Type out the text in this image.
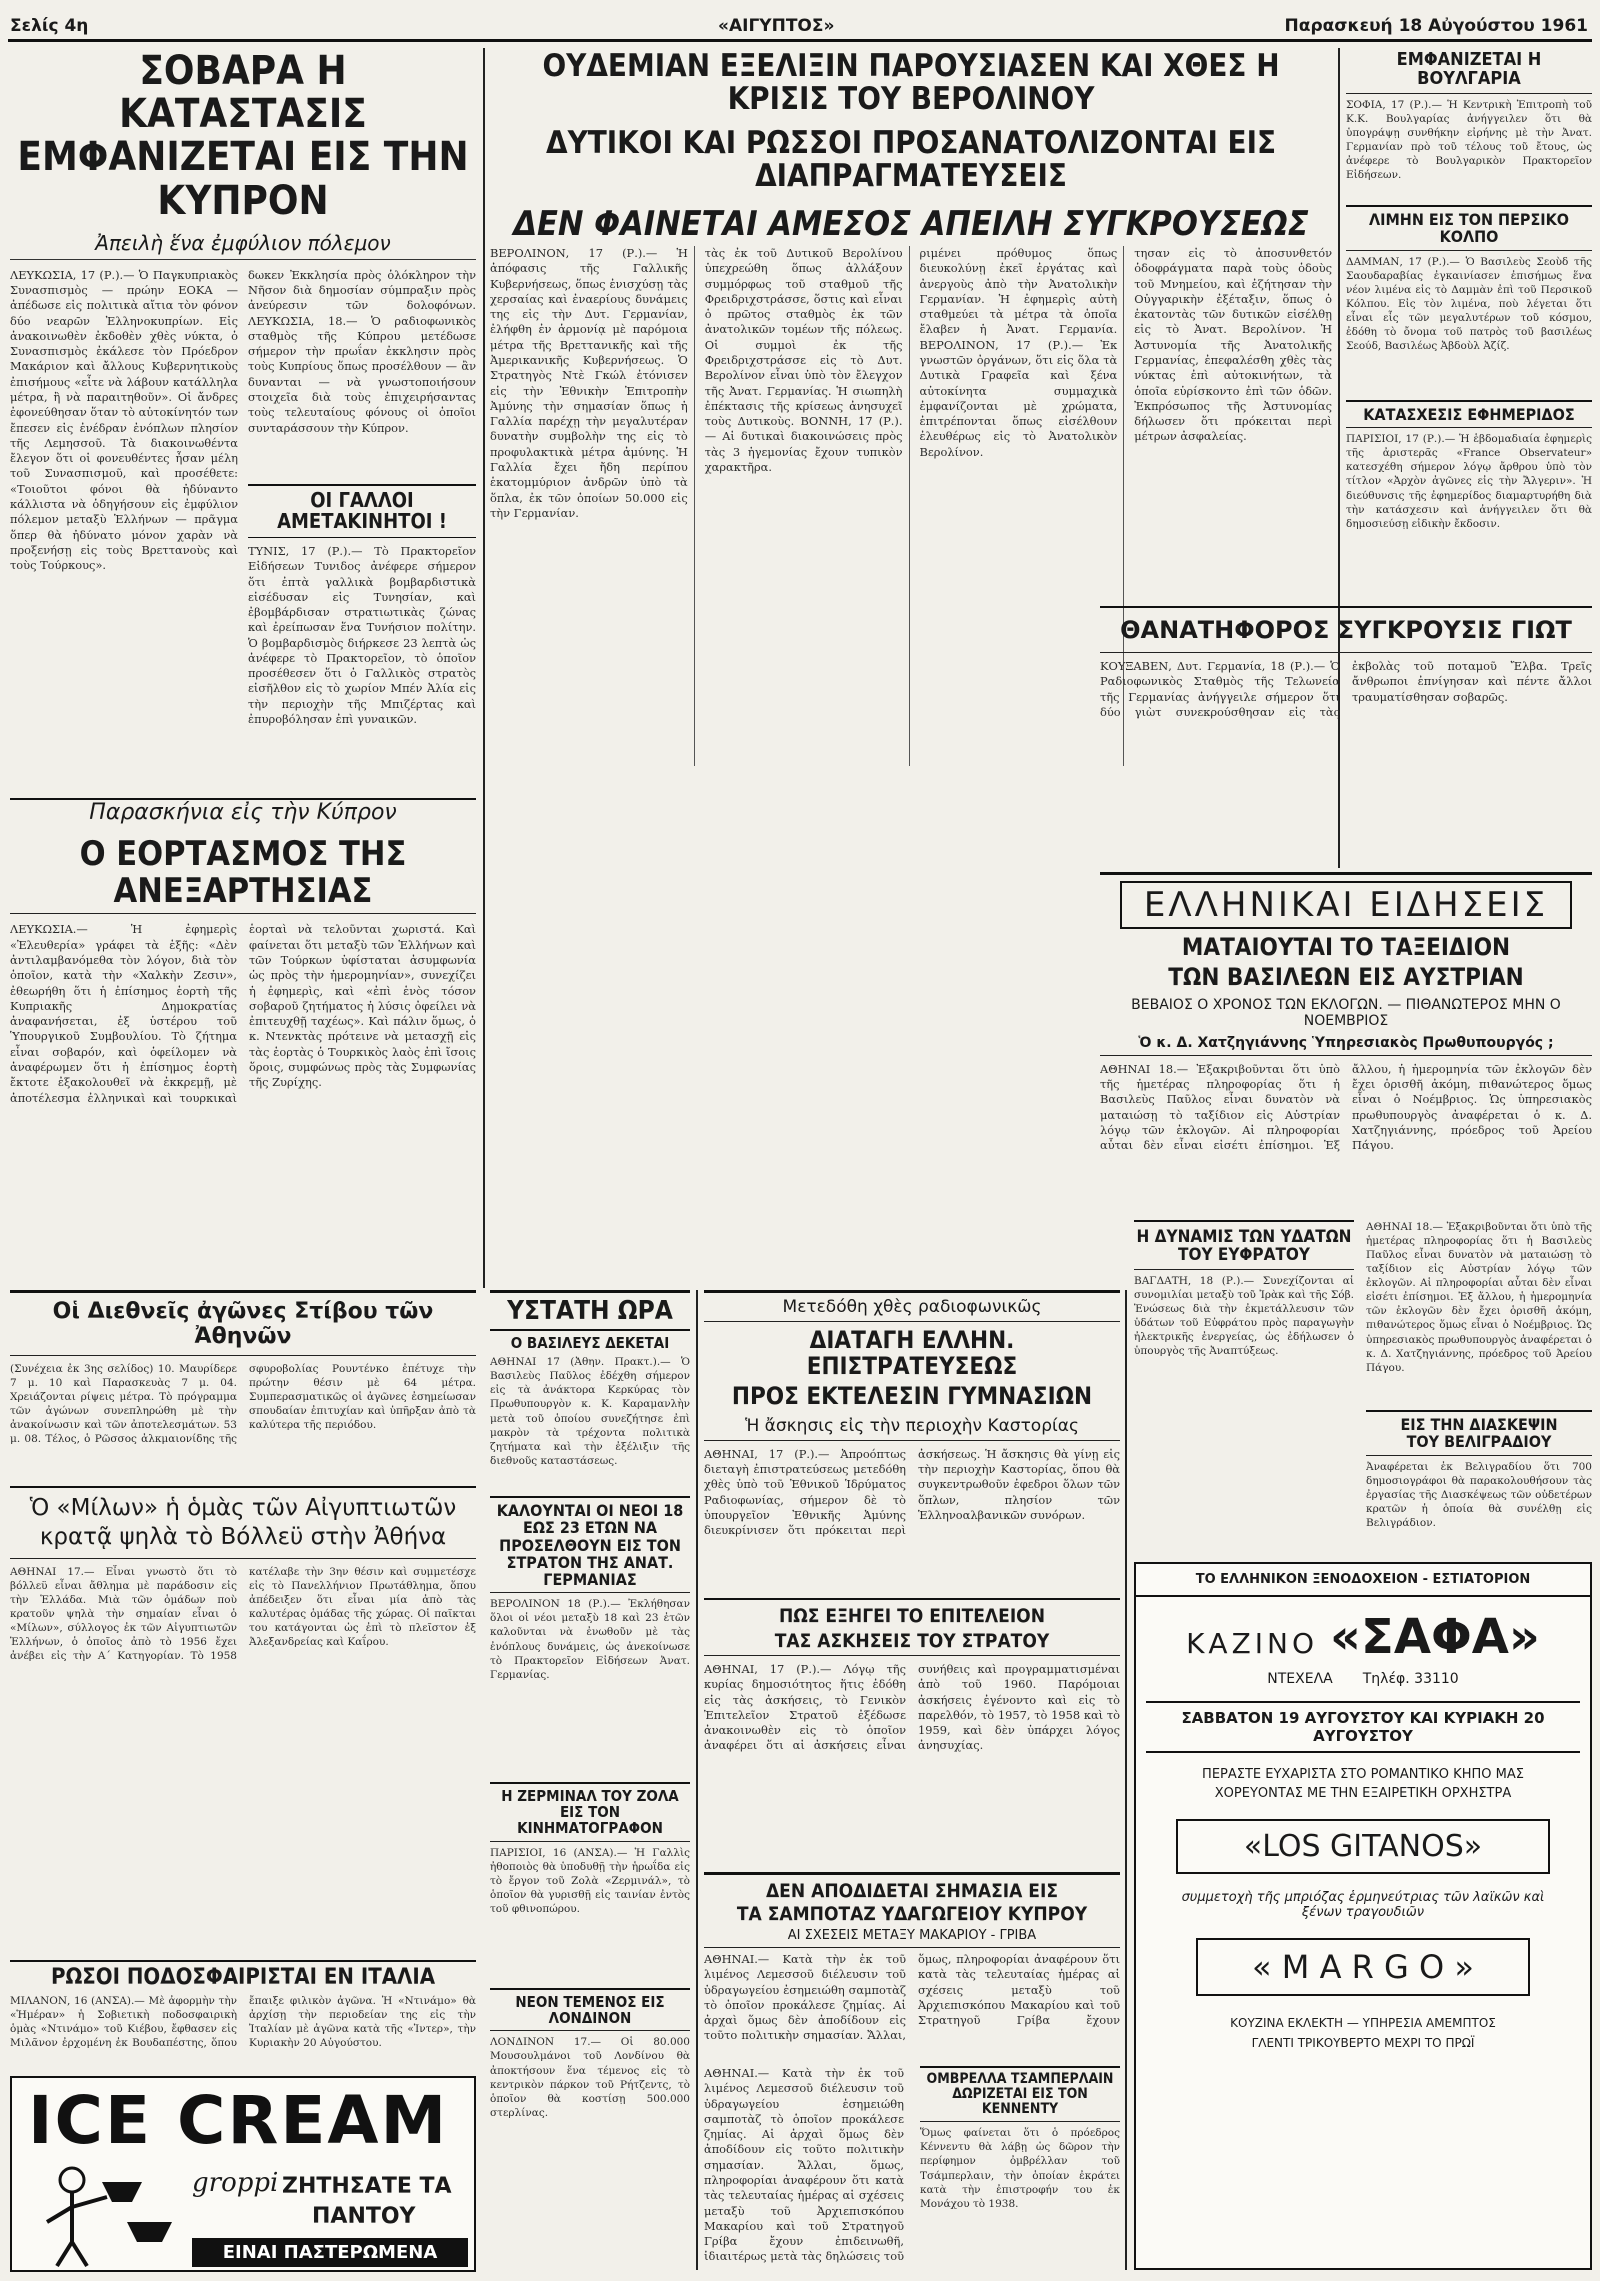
Σελίς 4η	«ΑΙΓΥΠΤΟΣ»	Παρασκευή 18 Αὐγούστου 1961
ΣΟΒΑΡΑ Η ΚΑΤΑΣΤΑΣΙΣ ΕΜΦΑΝΙΖΕΤΑΙ ΕΙΣ ΤΗΝ ΚΥΠΡΟΝ
Ἀπειλὴ ἕνα ἐμφύλιον πόλεμον
ΛΕΥΚΩΣΙΑ, 17 (Ρ.).— Ὁ Παγκυπριακὸς Συνασπισμὸς — πρώην ΕΟΚΑ — ἀπέδωσε εἰς πολιτικὰ αἴτια τὸν φόνον δύο νεαρῶν Ἑλληνοκυπρίων. Εἰς ἀνακοινωθὲν ἐκδοθὲν χθὲς νύκτα, ὁ Συνασπισμὸς ἐκάλεσε τὸν Πρόεδρον Μακάριον καὶ ἄλλους Κυβερνητικοὺς ἐπισήμους «εἶτε νὰ λάβουν κατάλληλα μέτρα, ἢ νὰ παραιτηθοῦν». Οἱ ἄνδρες ἐφονεύθησαν ὅταν τὸ αὐτοκίνητόν των ἔπεσεν εἰς ἐνέδραν ἐνόπλων πλησίον τῆς Λεμησσοῦ. Τὰ διακοινωθέντα ἔλεγον ὅτι οἱ φονευθέντες ἦσαν μέλη τοῦ Συνασπισμοῦ, καὶ προσέθετε: «Τοιοῦτοι φόνοι θὰ ἠδύναντο κάλλιστα νὰ ὁδηγήσουν εἰς ἐμφύλιον πόλεμον μεταξὺ Ἑλλήνων — πρᾶγμα ὅπερ θὰ ἠδύνατο μόνον χαρὰν νὰ προξενήσῃ εἰς τοὺς Βρεττανοὺς καὶ τοὺς Τούρκους».
δωκεν Ἐκκλησία πρὸς ὁλόκληρον τὴν Νῆσον διὰ δημοσίαν σύμπραξιν πρὸς ἀνεύρεσιν τῶν δολοφόνων. ΛΕΥΚΩΣΙΑ, 18.— Ὁ ραδιοφωνικὸς σταθμὸς τῆς Κύπρου μετέδωσε σήμερον τὴν πρωΐαν ἐκκλησιν πρὸς τοὺς Κυπρίους ὅπως προσέλθουν — ἂν δυνανται — νὰ γνωστοποιήσουν στοιχεῖα διὰ τοὺς ἐπιχειρήσαντας τοὺς τελευταίους φόνους οἱ ὁποῖοι συνταράσσουν τὴν Κύπρον.
ΟΙ ΓΑΛΛΟΙ ΑΜΕΤΑΚΙΝΗΤΟΙ !
ΤΥΝΙΣ, 17 (Ρ.).— Τὸ Πρακτορεῖον Εἰδήσεων Τυνιδος ἀνέφερε σήμερον ὅτι ἐπτὰ γαλλικὰ βομβαρδιστικὰ εἰσέδυσαν εἰς Τυνησίαν, καὶ ἐβομβάρδισαν στρατιωτικὰς ζώνας καὶ ἐρείπωσαν ἕνα Τυνήσιον πολίτην. Ὁ βομβαρδισμὸς διήρκεσε 23 λεπτὰ ὡς ἀνέφερε τὸ Πρακτορεῖον, τὸ ὁποῖον προσέθεσεν ὅτι ὁ Γαλλικὸς στρατὸς εἰσῆλθον εἰς τὸ χωρίον Μπέν Ἀλία εἰς τὴν περιοχὴν τῆς Μπιζέρτας καὶ ἐπυροβόλησαν ἐπὶ γυναικῶν.
Παρασκήνια εἰς τὴν Κύπρον
Ο ΕΟΡΤΑΣΜΟΣ ΤΗΣ ΑΝΕΞΑΡΤΗΣΙΑΣ
ΛΕΥΚΩΣΙΑ.— Ἡ ἐφημερὶς «Ἐλευθερία» γράφει τὰ ἑξῆς: «Δὲν ἀντιλαμβανόμεθα τὸν λόγον, διὰ τὸν ὁποῖον, κατὰ τὴν «Χαλκὴν Ζεσιν», ἐθεωρήθη ὅτι ἡ ἐπίσημος ἑορτὴ τῆς Κυπριακῆς Δημοκρατίας ἀναφανήσεται, ἐξ ὑστέρου τοῦ Ὑπουργικοῦ Συμβουλίου. Τὸ ζήτημα εἶναι σοβαρόν, καὶ ὁφείλομεν νὰ ἀναφέρωμεν ὅτι ἡ ἐπίσημος ἑορτὴ ἔκτοτε ἐξακολουθεῖ νὰ ἐκκρεμῇ, μὲ ἀποτέλεσμα ἐλληνικαὶ καὶ τουρκικαὶ ἑορταὶ νὰ τελοῦνται χωριστά. Καὶ φαίνεται ὅτι μεταξὺ τῶν Ἑλλήνων καὶ τῶν Τούρκων ὑφίσταται ἀσυμφωνία ὡς πρὸς τὴν ἡμερομηνίαν», συνεχίζει ἡ ἐφημερὶς, καὶ «ἐπὶ ἑνὸς τόσον σοβαροῦ ζητήματος ἡ λύσις ὀφείλει νὰ ἐπιτευχθῇ ταχέως». Καὶ πάλιν ὅμως, ὁ κ. Ντενκτὰς πρότεινε νὰ μετασχῇ εἰς τὰς ἑορτὰς ὁ Τουρκικὸς λαὸς ἐπὶ ἴσοις ὅροις, συμφώνως πρὸς τὰς Συμφωνίας τῆς Ζυρίχης.
Οἱ Διεθνεῖς ἀγῶνες Στίβου τῶν Ἀθηνῶν
(Συνέχεια ἐκ 3ης σελίδος) 10. Μαυρίδερε 7 μ. 10 καὶ Παρασκευὰς 7 μ. 04. Χρειάζονται ρίψεις μέτρα. Τὸ πρόγραμμα τῶν ἀγώνων συνεπληρώθη μὲ τὴν ἀνακοίνωσιν καὶ τῶν ἀποτελεσμάτων. 53 μ. 08. Τέλος, ὁ Ρῶσσος ἀλκμαιονίδης τῆς σφυροβολίας Ρουντένκο ἐπέτυχε τὴν πρώτην θέσιν μὲ 64 μέτρα. Συμπερασματικῶς οἱ ἀγῶνες ἐσημείωσαν σπουδαίαν ἐπιτυχίαν καὶ ὑπῆρξαν ἀπὸ τὰ καλύτερα τῆς περιόδου.
Ὁ «Μίλων» ἡ ὁμὰς τῶν Αἰγυπτιωτῶν κρατᾷ ψηλὰ τὸ Βόλλεϋ στὴν Ἀθήνα
ΑΘΗΝΑΙ 17.— Εἶναι γνωστὸ ὅτι τὸ βόλλεϋ εἶναι ἄθλημα μὲ παράδοσιν εἰς τὴν Ἑλλάδα. Μιὰ τῶν ὁμάδων ποὺ κρατοῦν ψηλὰ τὴν σημαίαν εἶναι ὁ «Μίλων», σύλλογος ἐκ τῶν Αἰγυπτιωτῶν Ἑλλήνων, ὁ ὁποῖος ἀπὸ τὸ 1956 ἔχει ἀνέβει εἰς τὴν Α΄ Κατηγορίαν. Τὸ 1958 κατέλαβε τὴν 3ην θέσιν καὶ συμμετέσχε εἰς τὸ Πανελλήνιον Πρωτάθλημα, ὅπου ἀπέδειξεν ὅτι εἶναι μία ἀπὸ τὰς καλυτέρας ὁμάδας τῆς χώρας. Οἱ παῖκται του κατάγονται ὡς ἐπὶ τὸ πλεῖστον ἐξ Ἀλεξανδρείας καὶ Καΐρου.
ΡΩΣΟΙ ΠΟΔΟΣΦΑΙΡΙΣΤΑΙ ΕΝ ΙΤΑΛΙΑ
ΜΙΛΑΝΟΝ, 16 (ΑΝΣΑ).— Μὲ ἀφορμὴν τὴν «Ἡμέραν» ἡ Σοβιετικὴ ποδοσφαιρικὴ ὁμὰς «Ντινάμο» τοῦ Κιέβου, ἔφθασεν εἰς Μιλᾶνον ἐρχομένη ἐκ Βουδαπέστης, ὅπου ἔπαιξε φιλικὸν ἀγῶνα. Ἡ «Ντινάμο» θὰ ἀρχίσῃ τὴν περιοδείαν της εἰς τὴν Ἰταλίαν μὲ ἀγῶνα κατὰ τῆς «Ἰντερ», τὴν Κυριακὴν 20 Αὐγούστου.
ICE CREAM
groppi ΖΗΤΗΣΑΤΕ ΤΑ
ΠΑΝΤΟΥ
ΕΙΝΑΙ ΠΑΣΤΕΡΩΜΕΝΑ
ΟΥΔΕΜΙΑΝ ΕΞΕΛΙΞΙΝ ΠΑΡΟΥΣΙΑΣΕΝ ΚΑΙ ΧΘΕΣ Η ΚΡΙΣΙΣ ΤΟΥ ΒΕΡΟΛΙΝΟΥ
ΔΥΤΙΚΟΙ ΚΑΙ ΡΩΣΣΟΙ ΠΡΟΣΑΝΑΤΟΛΙΖΟΝΤΑΙ ΕΙΣ ΔΙΑΠΡΑΓΜΑΤΕΥΣΕΙΣ
ΔΕΝ ΦΑΙΝΕΤΑΙ ΑΜΕΣΟΣ ΑΠΕΙΛΗ ΣΥΓΚΡΟΥΣΕΩΣ
ΒΕΡΟΛΙΝΟΝ, 17 (Ρ.).— Ἡ ἀπόφασις τῆς Γαλλικῆς Κυβερνήσεως, ὅπως ἐνισχύσῃ τὰς χερσαίας καὶ ἐναερίους δυνάμεις της εἰς τὴν Δυτ. Γερμανίαν, ἐλήφθη ἐν ἁρμονίᾳ μὲ παρόμοια μέτρα τῆς Βρεττανικῆς καὶ τῆς Ἀμερικανικῆς Κυβερνήσεως. Ὁ Στρατηγὸς Ντὲ Γκώλ ἐτόνισεν εἰς τὴν Ἐθνικὴν Ἐπιτροπὴν Ἀμύνης τὴν σημασίαν ὅπως ἡ Γαλλία παρέχῃ τὴν μεγαλυτέραν δυνατὴν συμβολὴν της εἰς τὸ προφυλακτικὰ μέτρα ἀμύνης. Ἡ Γαλλία ἔχει ἤδη περίπου ἑκατομμύριον ἀνδρῶν ὑπὸ τὰ ὅπλα, ἐκ τῶν ὁποίων 50.000 εἰς τὴν Γερμανίαν.
τὰς ἐκ τοῦ Δυτικοῦ Βερολίνου ὑπεχρεώθη ὅπως ἀλλάξουν συμμόρφως τοῦ σταθμοῦ τῆς Φρειδριχστράσσε, ὅστις καὶ εἶναι ὁ πρῶτος σταθμὸς ἐκ τῶν ἀνατολικῶν τομέων τῆς πόλεως. Οἱ συμμοὶ ἐκ τῆς Φρειδριχστράσσε εἰς τὸ Δυτ. Βερολίνον εἶναι ὑπὸ τὸν ἔλεγχον τῆς Ἀνατ. Γερμανίας. Ἡ σιωπηλὴ ἐπέκτασις τῆς κρίσεως ἀνησυχεῖ τοὺς Δυτικοὺς. ΒΟΝΝΗ, 17 (Ρ.).— Αἱ δυτικαὶ διακοινώσεις πρὸς τὰς 3 ἡγεμονίας ἔχουν τυπικὸν χαρακτῆρα.
ριμένει πρόθυμος ὅπως διευκολύνῃ ἐκεῖ ἐργάτας καὶ ἀνεργοὺς ἀπὸ τὴν Ἀνατολικὴν Γερμανίαν. Ἡ ἐφημερὶς αὐτὴ σταθμεύει τὰ μέτρα τὰ ὁποῖα ἔλαβεν ἡ Ἀνατ. Γερμανία. ΒΕΡΟΛΙΝΟΝ, 17 (Ρ.).— Ἐκ γνωστῶν ὀργάνων, ὅτι εἰς ὅλα τὰ Δυτικὰ Γραφεῖα καὶ ξένα αὐτοκίνητα συμμαχικὰ ἐμφανίζονται μὲ χρώματα, ἐπιτρέπονται ὅπως εἰσέλθουν ἐλευθέρως εἰς τὸ Ἀνατολικὸν Βερολίνον.
τησαν εἰς τὸ ἀποσυνθετόν ὁδοφράγματα παρὰ τοὺς ὁδοὺς τοῦ Μνημείου, καὶ ἐζήτησαν τὴν Οὐγγαρικὴν ἐξέταξιν, ὅπως ὁ ἑκατοντὰς τῶν δυτικῶν εἰσέλθῃ εἰς τὸ Ἀνατ. Βερολίνον. Ἡ Ἀστυνομία τῆς Ἀνατολικῆς Γερμανίας, ἐπεφαλέσθη χθὲς τὰς νύκτας ἐπὶ αὐτοκινήτων, τὰ ὁποῖα εὑρίσκοντο ἐπὶ τῶν ὁδῶν. Ἐκπρόσωπος τῆς Ἀστυνομίας δήλωσεν ὅτι πρόκειται περὶ μέτρων ἀσφαλείας.
ΕΜΦΑΝΙΖΕΤΑΙ Η ΒΟΥΛΓΑΡΙΑ
ΣΟΦΙΑ, 17 (Ρ.).— Ἡ Κεντρικὴ Ἐπιτροπὴ τοῦ Κ.Κ. Βουλγαρίας ἀνήγγειλεν ὅτι θὰ ὑπογράψῃ συνθήκην εἰρήνης μὲ τὴν Ἀνατ. Γερμανίαν πρὸ τοῦ τέλους τοῦ ἔτους, ὡς ἀνέφερε τὸ Βουλγαρικὸν Πρακτορεῖον Εἰδήσεων.
ΛΙΜΗΝ ΕΙΣ ΤΟΝ ΠΕΡΣΙΚΟ ΚΟΛΠΟ
ΔΑΜΜΑΝ, 17 (Ρ.).— Ὁ Βασιλεὺς Σεοὺδ τῆς Σαουδαραβίας ἐγκαινίασεν ἐπισήμως ἕνα νέον λιμένα εἰς τὸ Δαμμὰν ἐπὶ τοῦ Περσικοῦ Κόλπου. Εἰς τὸν λιμένα, ποὺ λέγεται ὅτι εἶναι εἷς τῶν μεγαλυτέρων τοῦ κόσμου, ἐδόθη τὸ ὄνομα τοῦ πατρὸς τοῦ βασιλέως Σεούδ, Βασιλέως Ἀβδοὺλ Ἀζίζ.
ΚΑΤΑΣΧΕΣΙΣ ΕΦΗΜΕΡΙΔΟΣ
ΠΑΡΙΣΙΟΙ, 17 (Ρ.).— Ἡ ἑβδομαδιαία ἐφημερὶς τῆς ἀριστερᾶς «France Observateur» κατεσχέθη σήμερον λόγῳ ἄρθρου ὑπὸ τὸν τίτλον «Ἀρχὸν ἀγῶνες εἰς τὴν Ἄλγεριν». Ἡ διεύθυνσις τῆς ἐφημερίδος διαμαρτυρήθη διὰ τὴν κατάσχεσιν καὶ ἀνήγγειλεν ὅτι θὰ δημοσιεύσῃ εἰδικὴν ἔκδοσιν.
ΘΑΝΑΤΗΦΟΡΟΣ ΣΥΓΚΡΟΥΣΙΣ ΓΙΩΤ
ΚΟΥΞΑΒΕΝ, Δυτ. Γερμανία, 18 (Ρ.).— Ὁ Ραδιοφωνικὸς Σταθμὸς τῆς Τελωνεία τῆς Γερμανίας ἀνήγγειλε σήμερον ὅτι δύο γιὼτ συνεκρούσθησαν εἰς τὰς ἐκβολὰς τοῦ ποταμοῦ Ἔλβα. Τρεῖς ἄνθρωποι ἐπνίγησαν καὶ πέντε ἄλλοι τραυματίσθησαν σοβαρῶς.
ΕΛΛΗΝΙΚΑΙ ΕΙΔΗΣΕΙΣ
ΜΑΤΑΙΟΥΤΑΙ ΤΟ ΤΑΞΕΙΔΙΟΝ
ΤΩΝ ΒΑΣΙΛΕΩΝ ΕΙΣ ΑΥΣΤΡΙΑΝ
ΒΕΒΑΙΟΣ Ο ΧΡΟΝΟΣ ΤΩΝ ΕΚΛΟΓΩΝ. — ΠΙΘΑΝΩΤΕΡΟΣ ΜΗΝ Ο ΝΟΕΜΒΡΙΟΣ
Ὁ κ. Δ. Χατζηγιάννης Ὑπηρεσιακὸς Πρωθυπουργός ;
ΑΘΗΝΑΙ 18.— Ἐξακριβοῦνται ὅτι ὑπὸ τῆς ἡμετέρας πληροφορίας ὅτι ἡ Βασιλεὺς Παῦλος εἶναι δυνατὸν νὰ ματαιώσῃ τὸ ταξίδιον εἰς Αὐστρίαν λόγῳ τῶν ἐκλογῶν. Αἱ πληροφορίαι αὗται δὲν εἶναι εἰσέτι ἐπίσημοι. Ἐξ ἄλλου, ἡ ἡμερομηνία τῶν ἐκλογῶν δὲν ἔχει ὁρισθῆ ἀκόμη, πιθανώτερος ὅμως εἶναι ὁ Νοέμβριος. Ὡς ὑπηρεσιακὸς πρωθυπουργὸς ἀναφέρεται ὁ κ. Δ. Χατζηγιάννης, πρόεδρος τοῦ Ἀρείου Πάγου.
Η ΔΥΝΑΜΙΣ ΤΩΝ ΥΔΑΤΩΝ
ΤΟΥ ΕΥΦΡΑΤΟΥ
ΒΑΓΔΑΤΗ, 18 (Ρ.).— Συνεχίζονται αἱ συνομιλίαι μεταξὺ τοῦ Ἰρὰκ καὶ τῆς Σόβ. Ἑνώσεως διὰ τὴν ἐκμετάλλευσιν τῶν ὑδάτων τοῦ Εὐφράτου πρὸς παραγωγὴν ἠλεκτρικῆς ἐνεργείας, ὡς ἐδήλωσεν ὁ ὑπουργὸς τῆς Ἀναπτύξεως.
ΑΘΗΝΑΙ 18.— Ἐξακριβοῦνται ὅτι ὑπὸ τῆς ἡμετέρας πληροφορίας ὅτι ἡ Βασιλεὺς Παῦλος εἶναι δυνατὸν νὰ ματαιώσῃ τὸ ταξίδιον εἰς Αὐστρίαν λόγῳ τῶν ἐκλογῶν. Αἱ πληροφορίαι αὗται δὲν εἶναι εἰσέτι ἐπίσημοι. Ἐξ ἄλλου, ἡ ἡμερομηνία τῶν ἐκλογῶν δὲν ἔχει ὁρισθῆ ἀκόμη, πιθανώτερος ὅμως εἶναι ὁ Νοέμβριος. Ὡς ὑπηρεσιακὸς πρωθυπουργὸς ἀναφέρεται ὁ κ. Δ. Χατζηγιάννης, πρόεδρος τοῦ Ἀρείου Πάγου.
ΕΙΣ ΤΗΝ ΔΙΑΣΚΕΨΙΝ
ΤΟΥ ΒΕΛΙΓΡΑΔΙΟΥ
Ἀναφέρεται ἐκ Βελιγραδίου ὅτι 700 δημοσιογράφοι θὰ παρακολουθήσουν τὰς ἐργασίας τῆς Διασκέψεως τῶν οὐδετέρων κρατῶν ἡ ὁποία θὰ συνέλθῃ εἰς Βελιγράδιον.
ΥΣΤΑΤΗ ΩΡΑ
Ο ΒΑΣΙΛΕΥΣ ΔΕΚΕΤΑΙ
ΑΘΗΝΑΙ 17 (Ἀθην. Πρακτ.).— Ὁ Βασιλεὺς Παῦλος ἐδέχθη σήμερον εἰς τὰ ἀνάκτορα Κερκύρας τὸν Πρωθυπουργὸν κ. Κ. Καραμανλὴν μετὰ τοῦ ὁποίου συνεζήτησε ἐπὶ μακρὸν τὰ τρέχοντα πολιτικὰ ζητήματα καὶ τὴν ἐξέλιξιν τῆς διεθνοῦς καταστάσεως.
ΚΑΛΟΥΝΤΑΙ ΟΙ ΝΕΟΙ 18 ΕΩΣ 23 ΕΤΩΝ ΝΑ ΠΡΟΣΕΛΘΟΥΝ ΕΙΣ ΤΟΝ ΣΤΡΑΤΟΝ ΤΗΣ ΑΝΑΤ. ΓΕΡΜΑΝΙΑΣ
ΒΕΡΟΛΙΝΟΝ 18 (Ρ.).— Ἐκλήθησαν ὅλοι οἱ νέοι μεταξὺ 18 καὶ 23 ἐτῶν καλοῦνται νὰ ἐνωθοῦν μὲ τὰς ἐνόπλους δυνάμεις, ὡς ἀνεκοίνωσε τὸ Πρακτορεῖον Εἰδήσεων Ἀνατ. Γερμανίας.
Η ΖΕΡΜΙΝΑΛ ΤΟΥ ΖΟΛΑ ΕΙΣ ΤΟΝ ΚΙΝΗΜΑΤΟΓΡΑΦΟΝ
ΠΑΡΙΣΙΟΙ, 16 (ΑΝΣΑ).— Ἡ Γαλλὶς ἠθοποιὸς θὰ ὑποδυθῇ τὴν ἡρωΐδα εἰς τὸ ἔργον τοῦ Ζολὰ «Ζερμινάλ», τὸ ὁποῖον θὰ γυρισθῇ εἰς ταινίαν ἐντὸς τοῦ φθινοπώρου.
ΝΕΟΝ ΤΕΜΕΝΟΣ ΕΙΣ ΛΟΝΔΙΝΟΝ
ΛΟΝΔΙΝΟΝ 17.— Οἱ 80.000 Μουσουλμάνοι τοῦ Λονδίνου θὰ ἀποκτήσουν ἕνα τέμενος εἰς τὸ κεντρικὸν πάρκον τοῦ Ρήτζεντς, τὸ ὁποῖον θὰ κοστίσῃ 500.000 στερλίνας.
Μετεδόθη χθὲς ραδιοφωνικῶς
ΔΙΑΤΑΓΗ ΕΛΛΗΝ. ΕΠΙΣΤΡΑΤΕΥΣΕΩΣ
ΠΡΟΣ ΕΚΤΕΛΕΣΙΝ ΓΥΜΝΑΣΙΩΝ
Ἡ ἄσκησις εἰς τὴν περιοχὴν Καστορίας
ΑΘΗΝΑΙ, 17 (Ρ.).— Ἀπροόπτως διεταγὴ ἐπιστρατεύσεως μετεδόθη χθὲς ὑπὸ τοῦ Ἐθνικοῦ Ἱδρύματος Ραδιοφωνίας, σήμερον δὲ τὸ ὑπουργεῖον Ἐθνικῆς Ἀμύνης διευκρίνισεν ὅτι πρόκειται περὶ ἀσκήσεως. Ἡ ἄσκησις θὰ γίνῃ εἰς τὴν περιοχὴν Καστορίας, ὅπου θὰ συγκεντρωθοῦν ἐφεδροι ὅλων τῶν ὅπλων, πλησίον τῶν Ἑλληνοαλβανικῶν συνόρων.
ΠΩΣ ΕΞΗΓΕΙ ΤΟ ΕΠΙΤΕΛΕΙΟΝ
ΤΑΣ ΑΣΚΗΣΕΙΣ ΤΟΥ ΣΤΡΑΤΟΥ
ΑΘΗΝΑΙ, 17 (Ρ.).— Λόγῳ τῆς κυρίας δημοσιότητος ἥτις ἐδόθη εἰς τὰς ἀσκήσεις, τὸ Γενικὸν Ἐπιτελεῖον Στρατοῦ ἐξέδωσε ἀνακοινωθὲν εἰς τὸ ὁποῖον ἀναφέρει ὅτι αἱ ἀσκήσεις εἶναι συνήθεις καὶ προγραμματισμέναι ἀπὸ τοῦ 1960. Παρόμοιαι ἀσκήσεις ἐγένοντο καὶ εἰς τὸ παρελθόν, τὸ 1957, τὸ 1958 καὶ τὸ 1959, καὶ δὲν ὑπάρχει λόγος ἀνησυχίας.
ΔΕΝ ΑΠΟΔΙΔΕΤΑΙ ΣΗΜΑΣΙΑ ΕΙΣ
ΤΑ ΣΑΜΠΟΤΑΖ ΥΔΑΓΩΓΕΙΟΥ ΚΥΠΡΟΥ
ΑΙ ΣΧΕΣΕΙΣ ΜΕΤΑΞΥ ΜΑΚΑΡΙΟΥ - ΓΡΙΒΑ
ΑΘΗΝΑΙ.— Κατὰ τὴν ἐκ τοῦ λιμένος Λεμεσσοῦ διέλευσιν τοῦ ὑδραγωγείου ἐσημειώθη σαμποτὰζ τὸ ὁποῖον προκάλεσε ζημίας. Αἱ ἀρχαὶ ὅμως δὲν ἀποδίδουν εἰς τοῦτο πολιτικὴν σημασίαν. Ἄλλαι, ὅμως, πληροφορίαι ἀναφέρουν ὅτι κατὰ τὰς τελευταίας ἡμέρας αἱ σχέσεις μεταξὺ τοῦ Ἀρχιεπισκόπου Μακαρίου καὶ τοῦ Στρατηγοῦ Γρίβα ἔχουν
ΑΘΗΝΑΙ.— Κατὰ τὴν ἐκ τοῦ λιμένος Λεμεσσοῦ διέλευσιν τοῦ ὑδραγωγείου ἐσημειώθη σαμποτὰζ τὸ ὁποῖον προκάλεσε ζημίας. Αἱ ἀρχαὶ ὅμως δὲν ἀποδίδουν εἰς τοῦτο πολιτικὴν σημασίαν. Ἄλλαι, ὅμως, πληροφορίαι ἀναφέρουν ὅτι κατὰ τὰς τελευταίας ἡμέρας αἱ σχέσεις μεταξὺ τοῦ Ἀρχιεπισκόπου Μακαρίου καὶ τοῦ Στρατηγοῦ Γρίβα ἔχουν ἐπιδεινωθῆ, ἰδιαιτέρως μετὰ τὰς δηλώσεις τοῦ
ΟΜΒΡΕΛΛΑ ΤΣΑΜΠΕΡΛΑΙΝ
ΔΩΡΙΖΕΤΑΙ ΕΙΣ ΤΟΝ ΚΕΝΝΕΝΤΥ
Ὅμως φαίνεται ὅτι ὁ πρόεδρος Κέννεντυ θὰ λάβῃ ὡς δῶρον τὴν περίφημον ὀμβρέλλαν τοῦ Τσάμπερλαιν, τὴν ὁποίαν ἐκράτει κατὰ τὴν ἐπιστροφήν του ἐκ Μονάχου τὸ 1938.
ΤΟ ΕΛΛΗΝΙΚΟΝ ΞΕΝΟΔΟΧΕΙΟΝ - ΕΣΤΙΑΤΟΡΙΟΝ
ΚΑΖΙΝΟ «ΣΑΦΑ»
ΝΤΕΧΕΛΑ Τηλέφ. 33110
ΣΑΒΒΑΤΟΝ 19 ΑΥΓΟΥΣΤΟΥ ΚΑΙ ΚΥΡΙΑΚΗ 20 ΑΥΓΟΥΣΤΟΥ
ΠΕΡΑΣΤΕ ΕΥΧΑΡΙΣΤΑ ΣΤΟ ΡΟΜΑΝΤΙΚΟ ΚΗΠΟ ΜΑΣ
ΧΟΡΕΥΟΝΤΑΣ ΜΕ ΤΗΝ ΕΞΑΙΡΕΤΙΚΗ ΟΡΧΗΣΤΡΑ
«LOS GITANOS»
συμμετοχὴ τῆς μπριόζας ἑρμηνεύτριας τῶν λαϊκῶν καὶ ξένων τραγουδιῶν
« M A R G O »
ΚΟΥΖΙΝΑ ΕΚΛΕΚΤΗ — ΥΠΗΡΕΣΙΑ ΑΜΕΜΠΤΟΣ
ΓΛΕΝΤΙ ΤΡΙΚΟΥΒΕΡΤΟ ΜΕΧΡΙ ΤΟ ΠΡΩΪ
